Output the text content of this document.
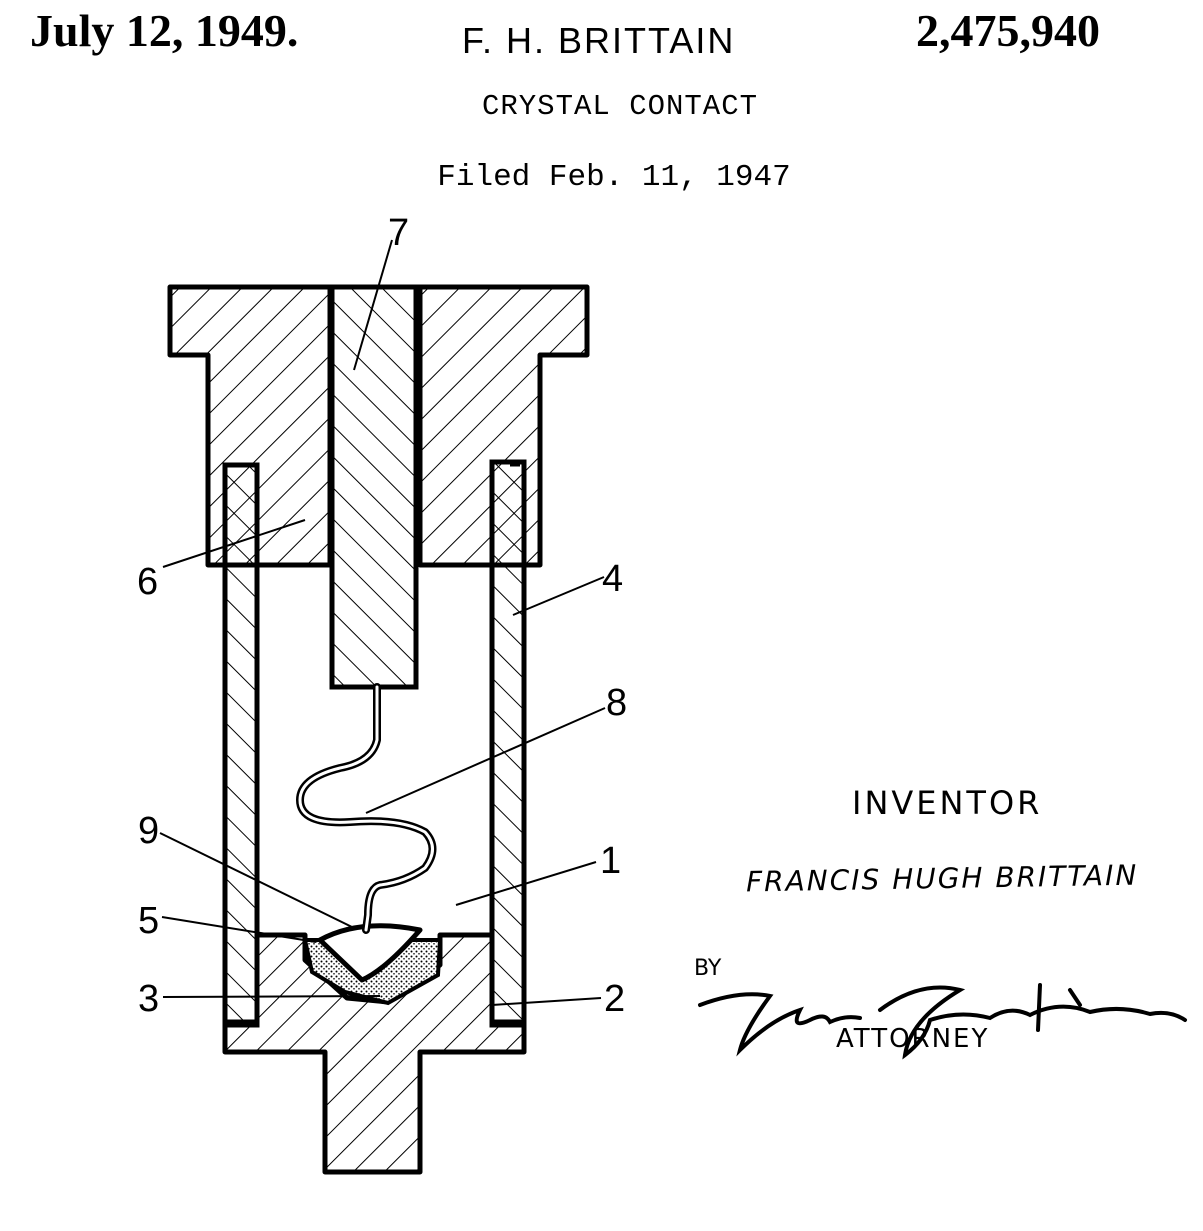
July 12, 1949.	F. H. BRITTAIN	2,475,940
CRYSTAL CONTACT
Filed Feb. 11, 1947
7
6	4
8
9
1
5
3	2
INVENTOR
FRANCIS HUGH BRITTAIN
BY
ATTORNEY
